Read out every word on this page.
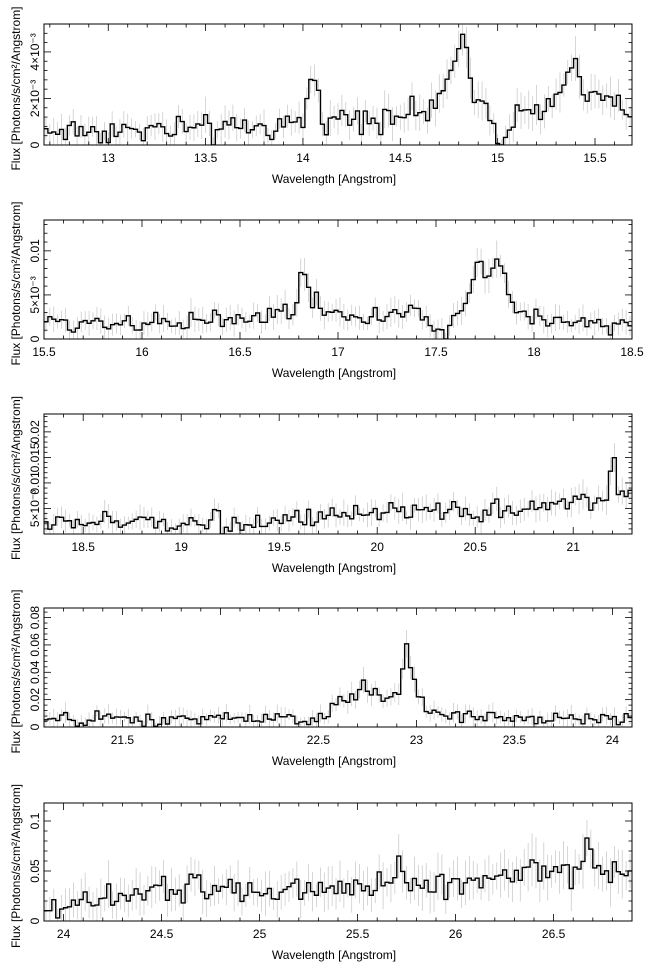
13	13.5	14	14.5	15	15.5
0
2×10⁻³
4×10⁻³
Wavelength [Angstrom]
Flux [Photons/s/cm²/Angstrom]
15.5	16	16.5	17	17.5	18	18.5
0
5×10⁻³
0.01
Wavelength [Angstrom]
Flux [Photons/s/cm²/Angstrom]
18.5	19	19.5	20	20.5	21
5×10⁻³
0.01
0.015
0.02
Wavelength [Angstrom]
Flux [Photons/s/cm²/Angstrom]
21.5	22	22.5	23	23.5	24
0
0.02
0.04
0.06
0.08
Wavelength [Angstrom]
Flux [Photons/s/cm²/Angstrom]
24	24.5	25	25.5	26	26.5
0
0.05
0.1
Wavelength [Angstrom]
Flux [Photons/s/cm²/Angstrom]
